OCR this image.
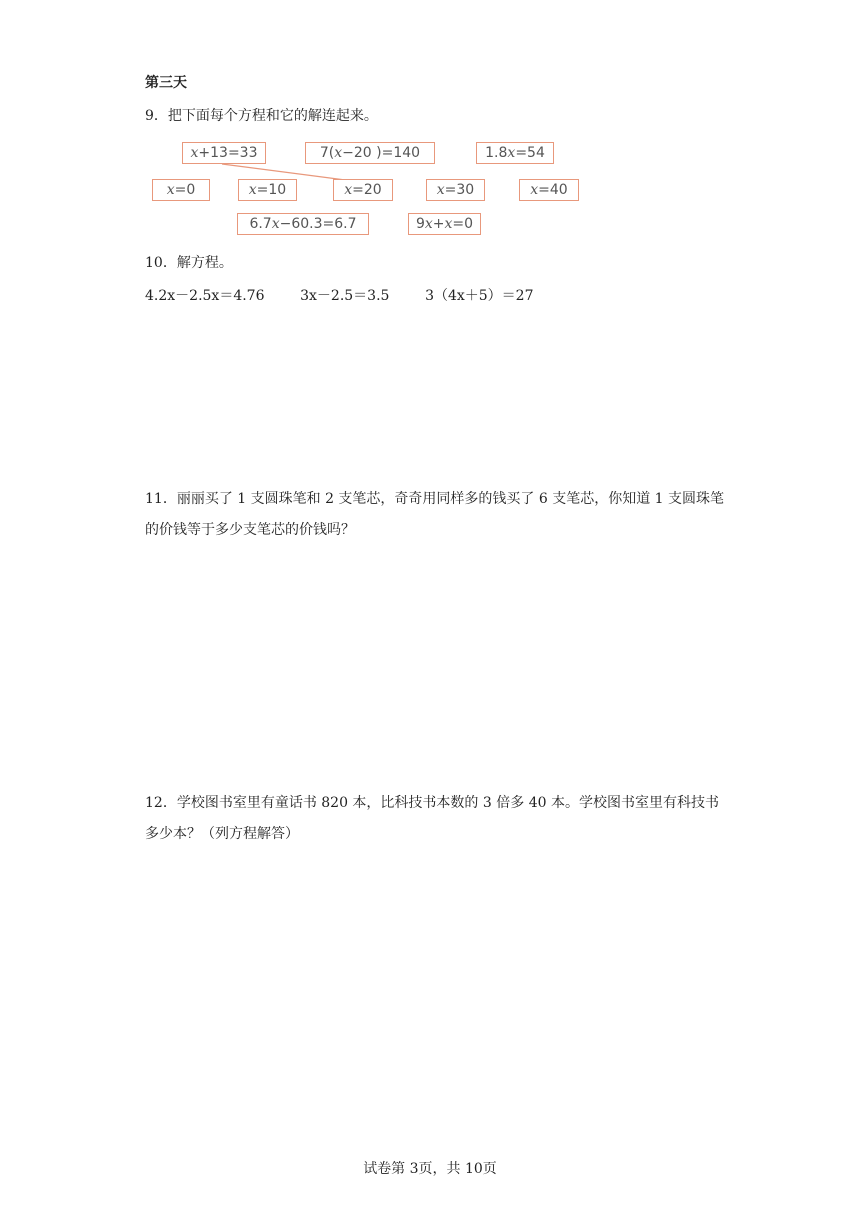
第三天
9．把下面每个方程和它的解连起来。
x+13=33	7(x−20 )=140	1.8x=54
x=0	x=10	x=20	x=30	x=40
6.7x−60.3=6.7	9x+x=0
10．解方程。
4.2x－2.5x＝4.76	3x－2.5＝3.5	3（4x＋5）＝27
11．丽丽买了 1 支圆珠笔和 2 支笔芯，奇奇用同样多的钱买了 6 支笔芯，你知道 1 支圆珠笔的价钱等于多少支笔芯的价钱吗？
12．学校图书室里有童话书 820 本，比科技书本数的 3 倍多 40 本。学校图书室里有科技书多少本？（列方程解答）
试卷第 3页，共 10页
